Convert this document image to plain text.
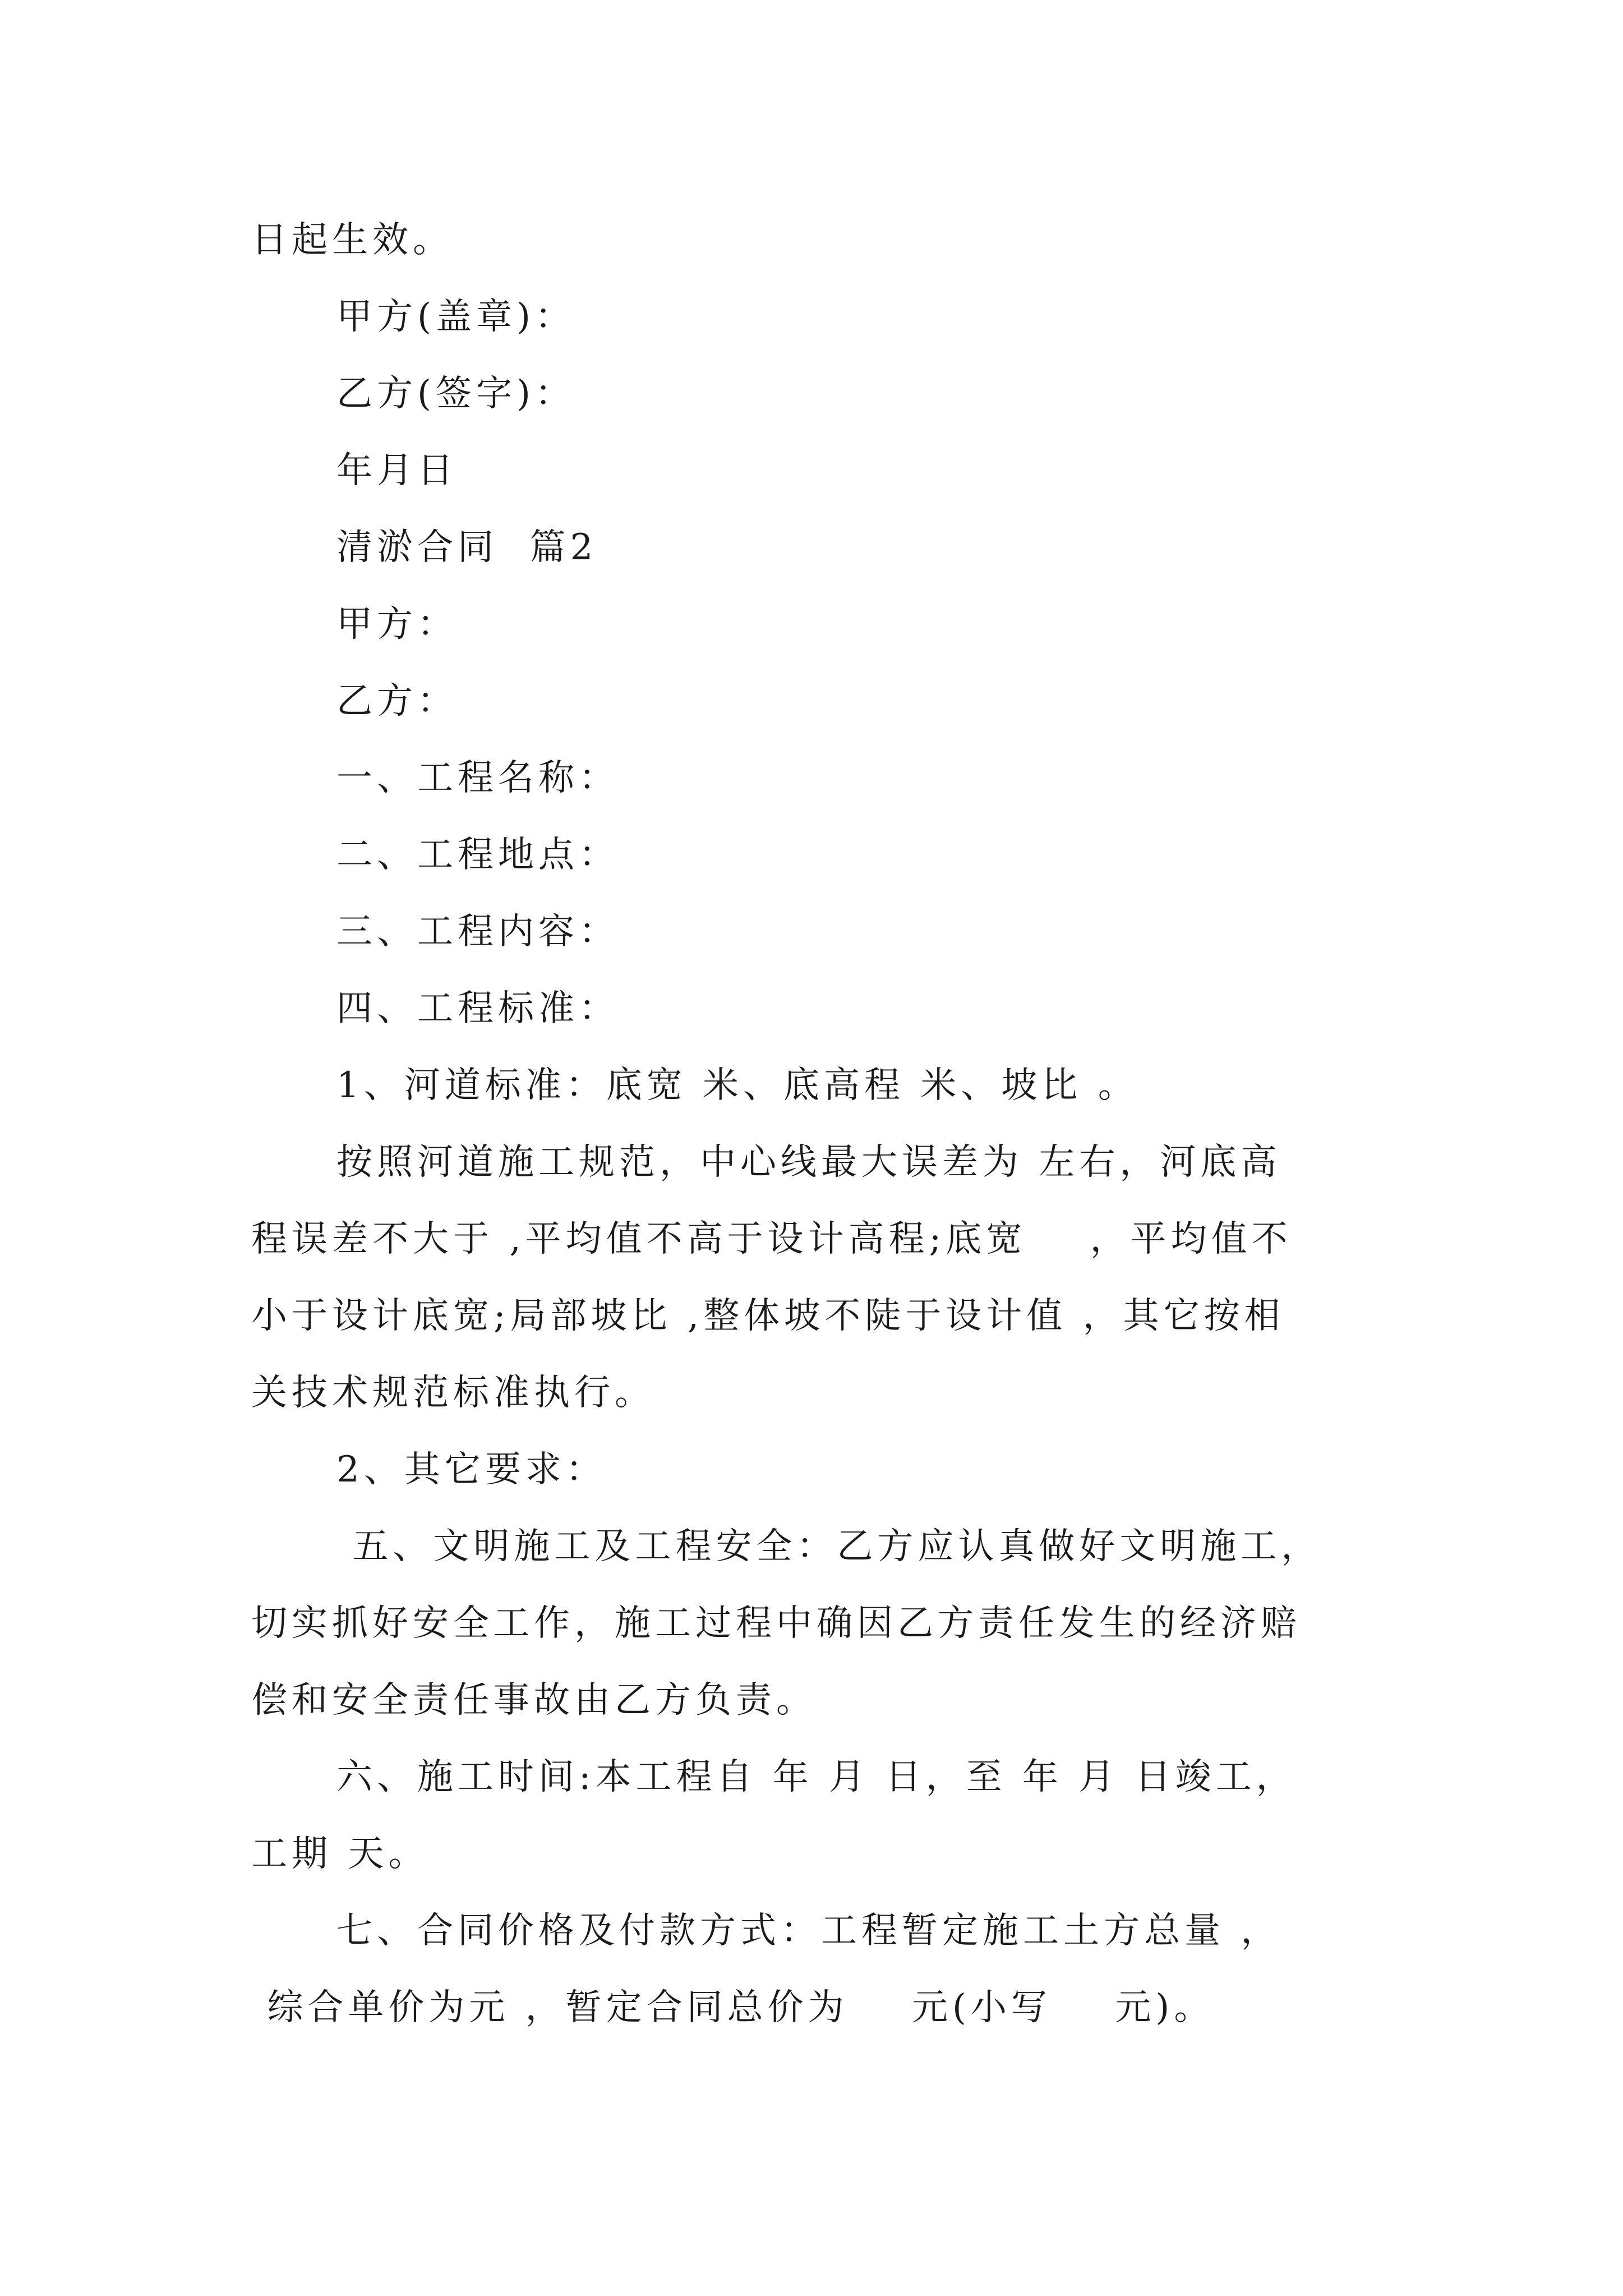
日起生效。

甲方(盖章)：

乙方(签字)：

年月日

清淤合同  篇2

甲方：

乙方：

一、工程名称：

二、工程地点：

三、工程内容：

四、工程标准：

1、河道标准：底宽 米、底高程 米、坡比 。

按照河道施工规范，中心线最大误差为 左右，河底高

程误差不大于 ,平均值不高于设计高程;底宽    ，平均值不

小于设计底宽;局部坡比 ,整体坡不陡于设计值 ，其它按相

关技术规范标准执行。

2、其它要求：

五、文明施工及工程安全：乙方应认真做好文明施工，

切实抓好安全工作，施工过程中确因乙方责任发生的经济赔

偿和安全责任事故由乙方负责。

六、施工时间:本工程自 年 月 日，至 年 月 日竣工，

工期 天。

七、合同价格及付款方式：工程暂定施工土方总量 ，

综合单价为元 ，暂定合同总价为    元(小写    元)。
